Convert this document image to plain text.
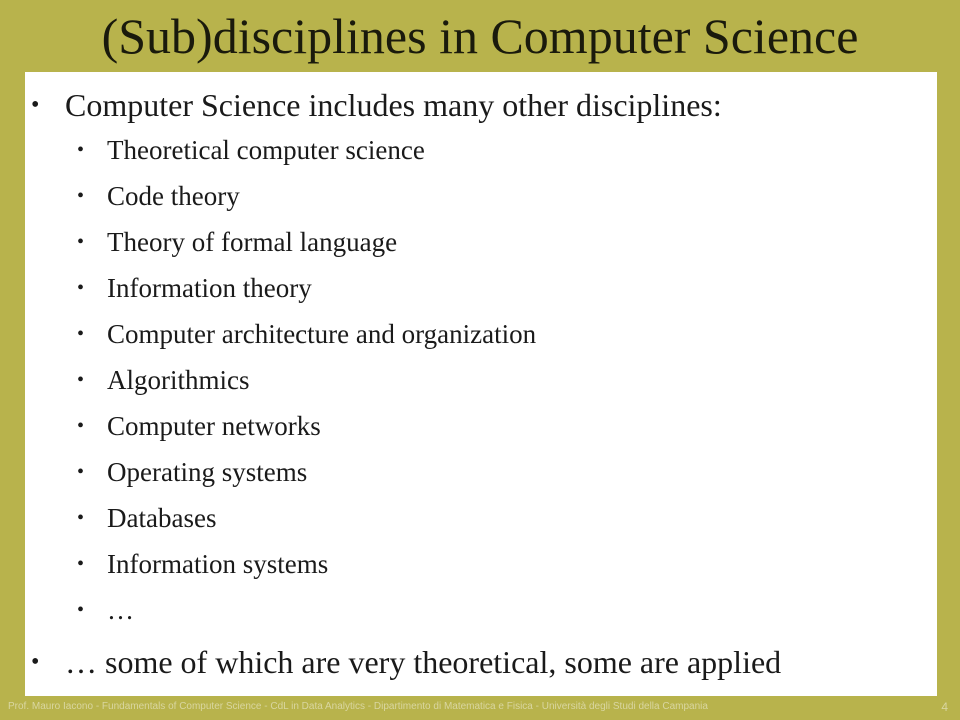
(Sub)disciplines in Computer Science
• Computer Science includes many other disciplines:
• Theoretical computer science
• Code theory
• Theory of formal language
• Information theory
• Computer architecture and organization
• Algorithmics
• Computer networks
• Operating systems
• Databases
• Information systems
• …
• … some of which are very theoretical, some are applied
Prof. Mauro Iacono - Fundamentals of Computer Science - CdL in Data Analytics - Dipartimento di Matematica e Fisica - Università degli Studi della Campania	4
